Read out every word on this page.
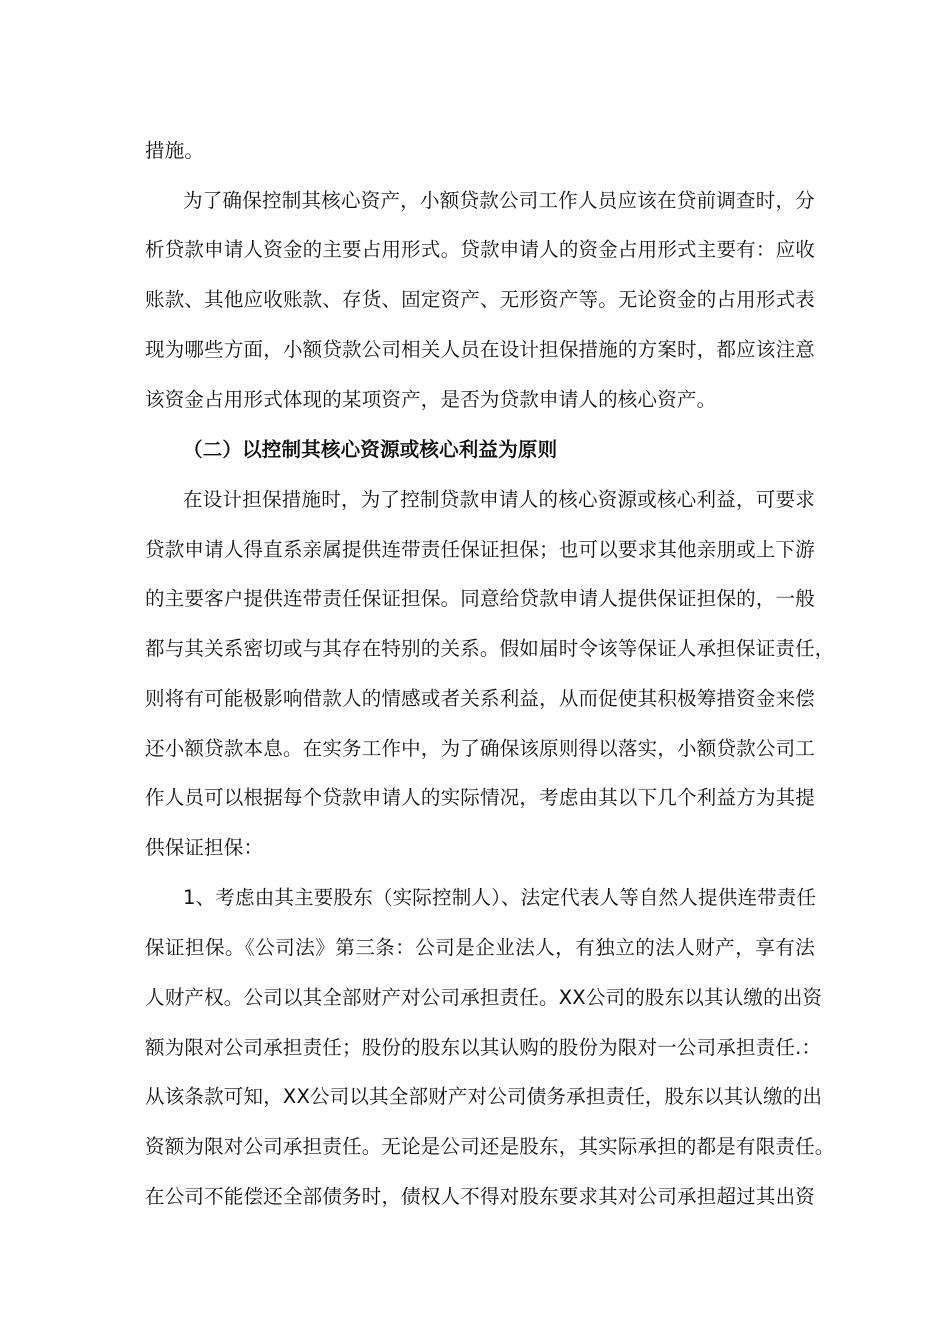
措施。
为了确保控制其核心资产，小额贷款公司工作人员应该在贷前调查时，分
析贷款申请人资金的主要占用形式。贷款申请人的资金占用形式主要有：应收
账款、其他应收账款、存货、固定资产、无形资产等。无论资金的占用形式表
现为哪些方面，小额贷款公司相关人员在设计担保措施的方案时，都应该注意
该资金占用形式体现的某项资产，是否为贷款申请人的核心资产。
（二）以控制其核心资源或核心利益为原则
在设计担保措施时，为了控制贷款申请人的核心资源或核心利益，可要求
贷款申请人得直系亲属提供连带责任保证担保；也可以要求其他亲朋或上下游
的主要客户提供连带责任保证担保。同意给贷款申请人提供保证担保的，一般
都与其关系密切或与其存在特别的关系。假如届时令该等保证人承担保证责任，
则将有可能极影响借款人的情感或者关系利益，从而促使其积极筹措资金来偿
还小额贷款本息。在实务工作中，为了确保该原则得以落实，小额贷款公司工
作人员可以根据每个贷款申请人的实际情况，考虑由其以下几个利益方为其提
供保证担保：
1、考虑由其主要股东（实际控制人）、法定代表人等自然人提供连带责任
保证担保。《公司法》第三条：公司是企业法人，有独立的法人财产，享有法
人财产权。公司以其全部财产对公司承担责任。XX公司的股东以其认缴的出资
额为限对公司承担责任；股份的股东以其认购的股份为限对一公司承担责任.：
从该条款可知，XX公司以其全部财产对公司债务承担责任，股东以其认缴的出
资额为限对公司承担责任。无论是公司还是股东，其实际承担的都是有限责任。
在公司不能偿还全部债务时，债权人不得对股东要求其对公司承担超过其出资
